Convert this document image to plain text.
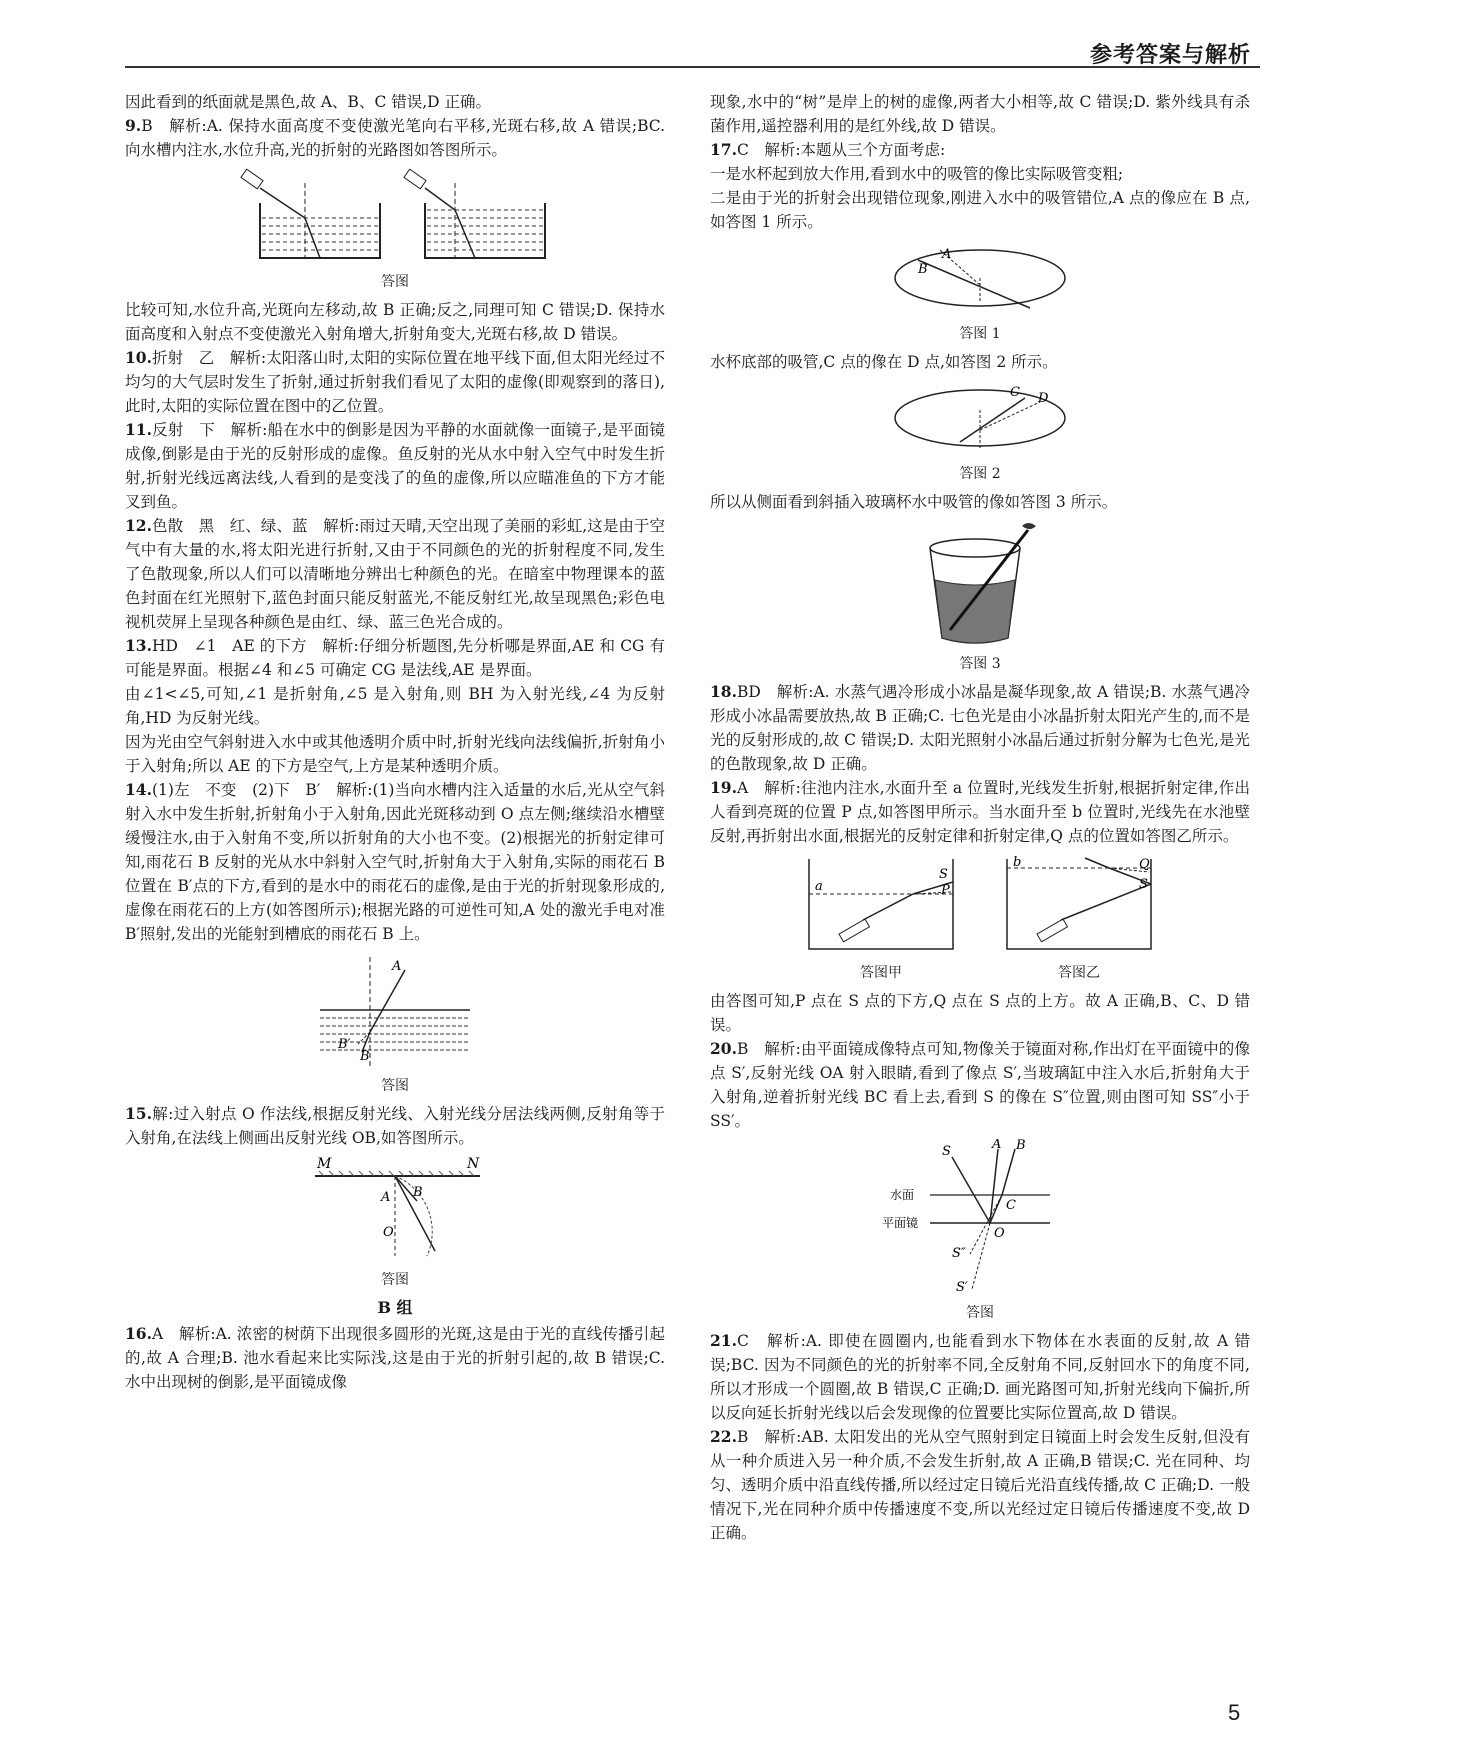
参考答案与解析

因此看到的纸面就是黑色,故 A、B、C 错误,D 正确。

9.B　解析:A. 保持水面高度不变使激光笔向右平移,光斑右移,故 A 错误;BC. 向水槽内注水,水位升高,光的折射的光路图如答图所示。

答图

比较可知,水位升高,光斑向左移动,故 B 正确;反之,同理可知 C 错误;D. 保持水面高度和入射点不变使激光入射角增大,折射角变大,光斑右移,故 D 错误。

10.折射　乙　解析:太阳落山时,太阳的实际位置在地平线下面,但太阳光经过不均匀的大气层时发生了折射,通过折射我们看见了太阳的虚像(即观察到的落日),此时,太阳的实际位置在图中的乙位置。

11.反射　下　解析:船在水中的倒影是因为平静的水面就像一面镜子,是平面镜成像,倒影是由于光的反射形成的虚像。鱼反射的光从水中射入空气中时发生折射,折射光线远离法线,人看到的是变浅了的鱼的虚像,所以应瞄准鱼的下方才能叉到鱼。

12.色散　黑　红、绿、蓝　解析:雨过天晴,天空出现了美丽的彩虹,这是由于空气中有大量的水,将太阳光进行折射,又由于不同颜色的光的折射程度不同,发生了色散现象,所以人们可以清晰地分辨出七种颜色的光。在暗室中物理课本的蓝色封面在红光照射下,蓝色封面只能反射蓝光,不能反射红光,故呈现黑色;彩色电视机荧屏上呈现各种颜色是由红、绿、蓝三色光合成的。

13.HD　∠1　AE 的下方　解析:仔细分析题图,先分析哪是界面,AE 和 CG 有可能是界面。根据∠4 和∠5 可确定 CG 是法线,AE 是界面。

由∠1<∠5,可知,∠1 是折射角,∠5 是入射角,则 BH 为入射光线,∠4 为反射角,HD 为反射光线。

因为光由空气斜射进入水中或其他透明介质中时,折射光线向法线偏折,折射角小于入射角;所以 AE 的下方是空气,上方是某种透明介质。

14.(1)左　不变　(2)下　B′　解析:(1)当向水槽内注入适量的水后,光从空气斜射入水中发生折射,折射角小于入射角,因此光斑移动到 O 点左侧;继续沿水槽壁缓慢注水,由于入射角不变,所以折射角的大小也不变。(2)根据光的折射定律可知,雨花石 B 反射的光从水中斜射入空气时,折射角大于入射角,实际的雨花石 B 位置在 B′点的下方,看到的是水中的雨花石的虚像,是由于光的折射现象形成的,虚像在雨花石的上方(如答图所示);根据光路的可逆性可知,A 处的激光手电对准 B′照射,发出的光能射到槽底的雨花石 B 上。

A
B
B′

答图

15.解:过入射点 O 作法线,根据反射光线、入射光线分居法线两侧,反射角等于入射角,在法线上侧画出反射光线 OB,如答图所示。

M	N
A B
O

答图

B 组

16.A　解析:A. 浓密的树荫下出现很多圆形的光斑,这是由于光的直线传播引起的,故 A 合理;B. 池水看起来比实际浅,这是由于光的折射引起的,故 B 错误;C. 水中出现树的倒影,是平面镜成像

现象,水中的“树”是岸上的树的虚像,两者大小相等,故 C 错误;D. 紫外线具有杀菌作用,遥控器利用的是红外线,故 D 错误。

17.C　解析:本题从三个方面考虑:

一是水杯起到放大作用,看到水中的吸管的像比实际吸管变粗;

二是由于光的折射会出现错位现象,刚进入水中的吸管错位,A 点的像应在 B 点,如答图 1 所示。

A
B

答图 1

水杯底部的吸管,C 点的像在 D 点,如答图 2 所示。

C D

答图 2

所以从侧面看到斜插入玻璃杯水中吸管的像如答图 3 所示。

答图 3

18.BD　解析:A. 水蒸气遇冷形成小冰晶是凝华现象,故 A 错误;B. 水蒸气遇冷形成小冰晶需要放热,故 B 正确;C. 七色光是由小冰晶折射太阳光产生的,而不是光的反射形成的,故 C 错误;D. 太阳光照射小冰晶后通过折射分解为七色光,是光的色散现象,故 D 正确。

19.A　解析:往池内注水,水面升至 a 位置时,光线发生折射,根据折射定律,作出人看到亮斑的位置 P 点,如答图甲所示。当水面升至 b 位置时,光线先在水池壁反射,再折射出水面,根据光的反射定律和折射定律,Q 点的位置如答图乙所示。

a
S
P
答图甲
b	Q
S
答图乙

由答图可知,P 点在 S 点的下方,Q 点在 S 点的上方。故 A 正确,B、C、D 错误。

20.B　解析:由平面镜成像特点可知,物像关于镜面对称,作出灯在平面镜中的像点 S′,反射光线 OA 射入眼睛,看到了像点 S′,当玻璃缸中注入水后,折射角大于入射角,逆着折射光线 BC 看上去,看到 S 的像在 S″位置,则由图可知 SS″小于 SS′。

水面
平面镜
S	A B
C
O
S″
S′

答图

21.C　解析:A. 即使在圆圈内,也能看到水下物体在水表面的反射,故 A 错误;BC. 因为不同颜色的光的折射率不同,全反射角不同,反射回水下的角度不同,所以才形成一个圆圈,故 B 错误,C 正确;D. 画光路图可知,折射光线向下偏折,所以反向延长折射光线以后会发现像的位置要比实际位置高,故 D 错误。

22.B　解析:AB. 太阳发出的光从空气照射到定日镜面上时会发生反射,但没有从一种介质进入另一种介质,不会发生折射,故 A 正确,B 错误;C. 光在同种、均匀、透明介质中沿直线传播,所以经过定日镜后光沿直线传播,故 C 正确;D. 一般情况下,光在同种介质中传播速度不变,所以光经过定日镜后传播速度不变,故 D 正确。

5
